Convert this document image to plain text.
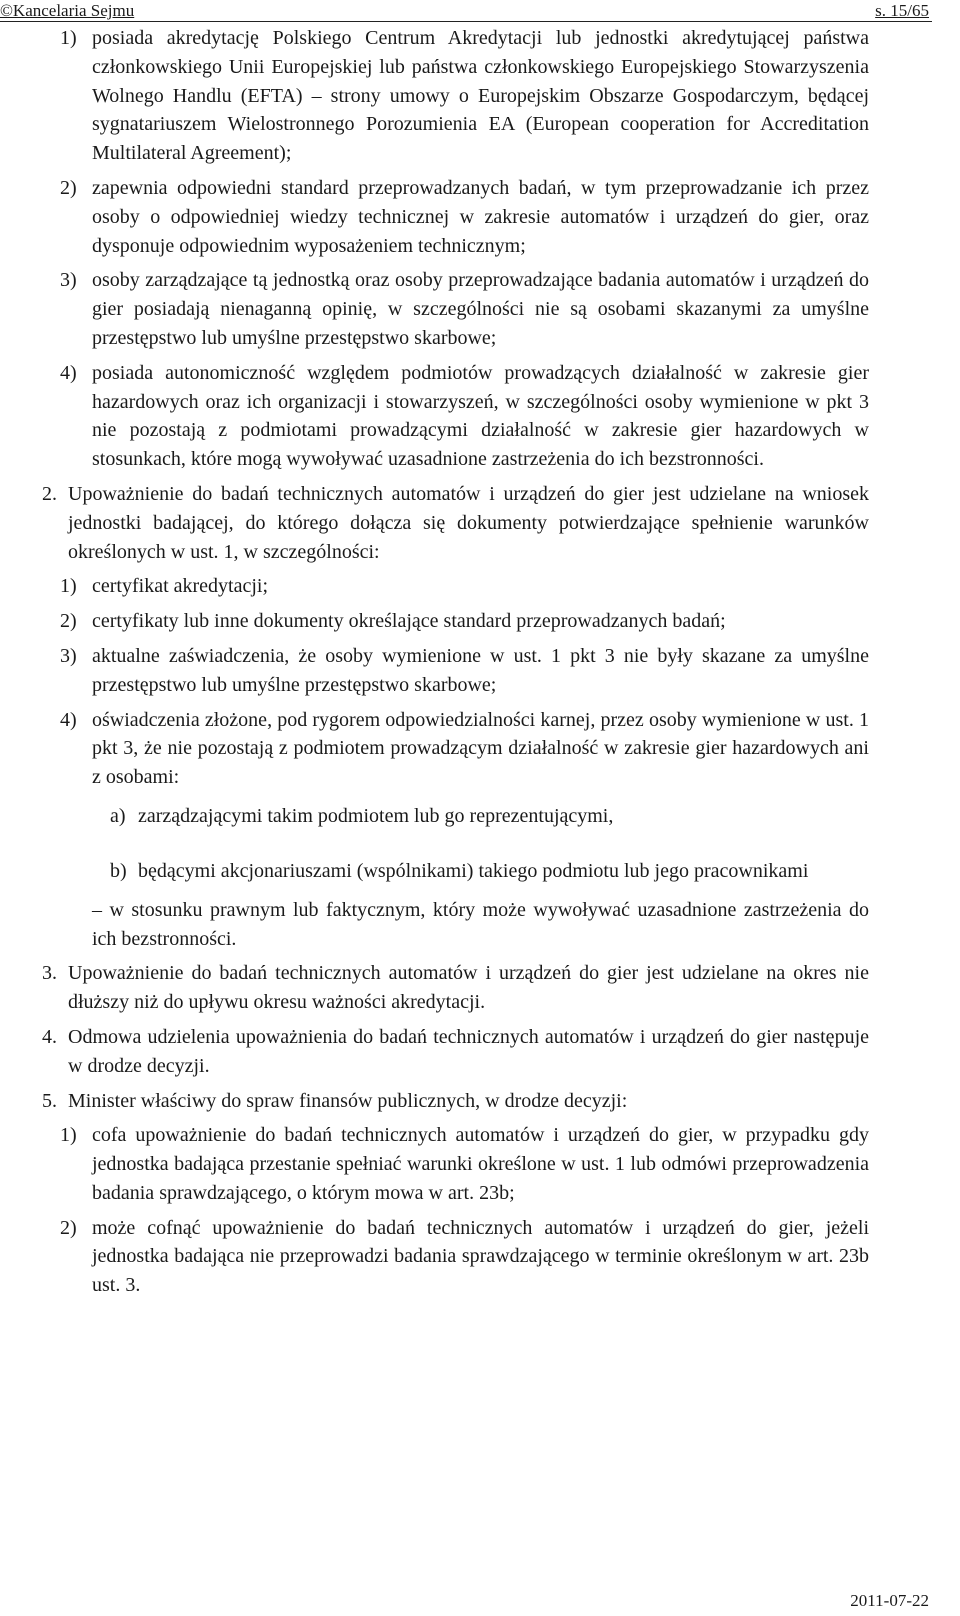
©Kancelaria Sejmu	s. 15/65

1) posiada akredytację Polskiego Centrum Akredytacji lub jednostki akredytującej państwa członkowskiego Unii Europejskiej lub państwa członkowskiego Europejskiego Stowarzyszenia Wolnego Handlu (EFTA) – strony umowy o Europejskim Obszarze Gospodarczym, będącej sygnatariuszem Wielostronnego Porozumienia EA (European cooperation for Accreditation Multilateral Agreement);

2) zapewnia odpowiedni standard przeprowadzanych badań, w tym przeprowadzanie ich przez osoby o odpowiedniej wiedzy technicznej w zakresie automatów i urządzeń do gier, oraz dysponuje odpowiednim wyposażeniem technicznym;

3) osoby zarządzające tą jednostką oraz osoby przeprowadzające badania automatów i urządzeń do gier posiadają nienaganną opinię, w szczególności nie są osobami skazanymi za umyślne przestępstwo lub umyślne przestępstwo skarbowe;

4) posiada autonomiczność względem podmiotów prowadzących działalność w zakresie gier hazardowych oraz ich organizacji i stowarzyszeń, w szczególności osoby wymienione w pkt 3 nie pozostają z podmiotami prowadzącymi działalność w zakresie gier hazardowych w stosunkach, które mogą wywoływać uzasadnione zastrzeżenia do ich bezstronności.

2. Upoważnienie do badań technicznych automatów i urządzeń do gier jest udzielane na wniosek jednostki badającej, do którego dołącza się dokumenty potwierdzające spełnienie warunków określonych w ust. 1, w szczególności:

1) certyfikat akredytacji;

2) certyfikaty lub inne dokumenty określające standard przeprowadzanych badań;

3) aktualne zaświadczenia, że osoby wymienione w ust. 1 pkt 3 nie były skazane za umyślne przestępstwo lub umyślne przestępstwo skarbowe;

4) oświadczenia złożone, pod rygorem odpowiedzialności karnej, przez osoby wymienione w ust. 1 pkt 3, że nie pozostają z podmiotem prowadzącym działalność w zakresie gier hazardowych ani z osobami:

a) zarządzającymi takim podmiotem lub go reprezentującymi,

b) będącymi akcjonariuszami (wspólnikami) takiego podmiotu lub jego pracownikami

– w stosunku prawnym lub faktycznym, który może wywoływać uzasadnione zastrzeżenia do ich bezstronności.

3. Upoważnienie do badań technicznych automatów i urządzeń do gier jest udzielane na okres nie dłuższy niż do upływu okresu ważności akredytacji.

4. Odmowa udzielenia upoważnienia do badań technicznych automatów i urządzeń do gier następuje w drodze decyzji.

5. Minister właściwy do spraw finansów publicznych, w drodze decyzji:

1) cofa upoważnienie do badań technicznych automatów i urządzeń do gier, w przypadku gdy jednostka badająca przestanie spełniać warunki określone w ust. 1 lub odmówi przeprowadzenia badania sprawdzającego, o którym mowa w art. 23b;

2) może cofnąć upoważnienie do badań technicznych automatów i urządzeń do gier, jeżeli jednostka badająca nie przeprowadzi badania sprawdzającego w terminie określonym w art. 23b ust. 3.

2011-07-22
